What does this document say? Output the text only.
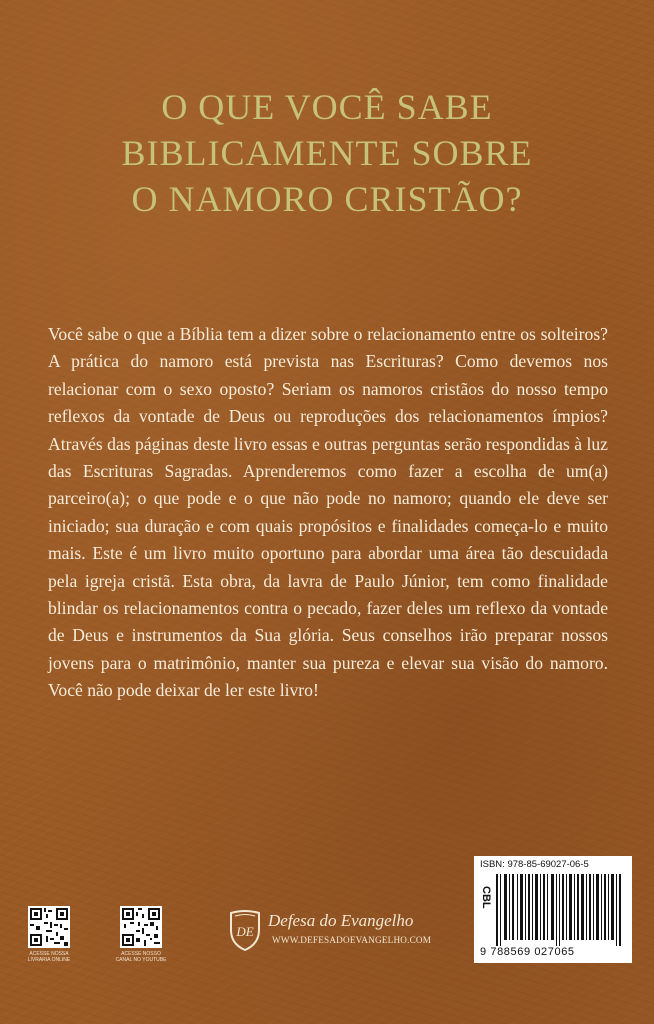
O QUE VOCÊ SABE
BIBLICAMENTE SOBRE
O NAMORO CRISTÃO?
Você sabe o que a Bíblia tem a dizer sobre o relacionamento entre os solteiros? A prática do namoro está prevista nas Escrituras? Como devemos nos relacionar com o sexo oposto? Seriam os namoros cristãos do nosso tempo reflexos da vontade de Deus ou reproduções dos relacionamentos ímpios? Através das páginas deste livro essas e outras perguntas serão respondidas à luz das Escrituras Sagradas. Aprenderemos como fazer a escolha de um(a) parceiro(a); o que pode e o que não pode no namoro; quando ele deve ser iniciado; sua duração e com quais propósitos e finalidades começa-lo e muito mais. Este é um livro muito oportuno para abordar uma área tão descuidada pela igreja cristã. Esta obra, da lavra de Paulo Júnior, tem como finalidade blindar os relacionamentos contra o pecado, fazer deles um reflexo da vontade de Deus e instrumentos da Sua glória. Seus conselhos irão preparar nossos jovens para o matrimônio, manter sua pureza e elevar sua visão do namoro. Você não pode deixar de ler este livro!
ACESSE NOSSA
LIVRARIA ONLINE
ACESSE NOSSO
CANAL NO YOUTUBE
DE
Defesa do Evangelho
WWW.DEFESADOEVANGELHO.COM
ISBN: 978-85-69027-06-5
CBL
9 788569 027065
